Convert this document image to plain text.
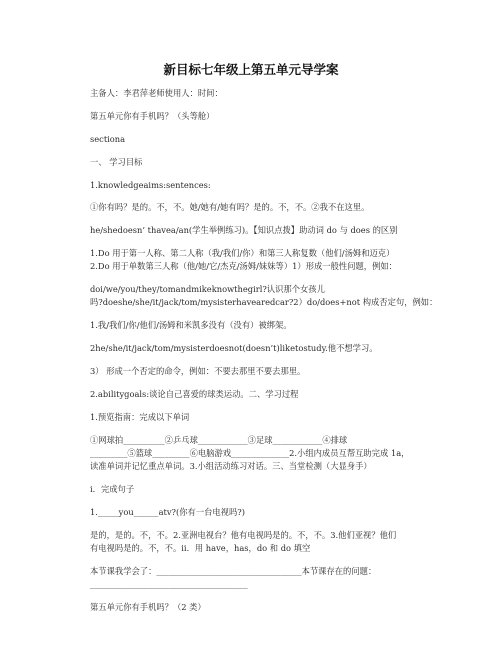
新目标七年级上第五单元导学案
主备人：李君萍老师使用人：时间：
第五单元你有手机吗？（头等舱）
sectiona
一、 学习目标
1.knowledgeaims:sentences:
①你有吗？是的。不，不。她/她有/她有吗？是的。不，不。②我不在这里。
he/shedoesn’ thavea/an(学生举例练习)。【知识点拨】助动词 do 与 does 的区别
1.Do 用于第一人称、第二人称（我/我们/你）和第三人称复数（他们/汤姆和迈克）
2.Do 用于单数第三人称（他/她/它/杰克/汤姆/妹妹等）1）形成一般性问题，例如：
doi/we/you/they/tomandmikeknowthegirl?认识那个女孩儿
吗?doeshe/she/it/jack/tom/mysisterhavearedcar?2）do/does+not 构成否定句，例如：
1.我/我们/你/他们/汤姆和米凯多没有（没有）被绑架。
2he/she/it/jack/tom/mysisterdoesnot(doesn’t)liketostudy.他不想学习。
3） 形成一个否定的命令，例如：不要去那里不要去那里。
2.abilitygoals:谈论自己喜爱的球类运动。二、学习过程
1.预览指南：完成以下单词
①网球拍__________②乒乓球____________③足球____________④排球
_________⑤篮球_________⑥电脑游戏______________2.小组内成员互帮互助完成 1a，
读准单词并记忆重点单词。3.小组活动练习对话。三、当堂检测（大显身手）
i．完成句子
1._____you______atv?(你有一台电视吗?)
是的，是的。不，不。2.亚洲电视台？他有电视吗是的。不，不。3.他们亚视？他们
有电视吗是的。不，不。ii．用 have，has，do 和 do 填空
本节课我学会了：___________________________________本节课存在的问题：
______________________________________
第五单元你有手机吗？（2 类）
